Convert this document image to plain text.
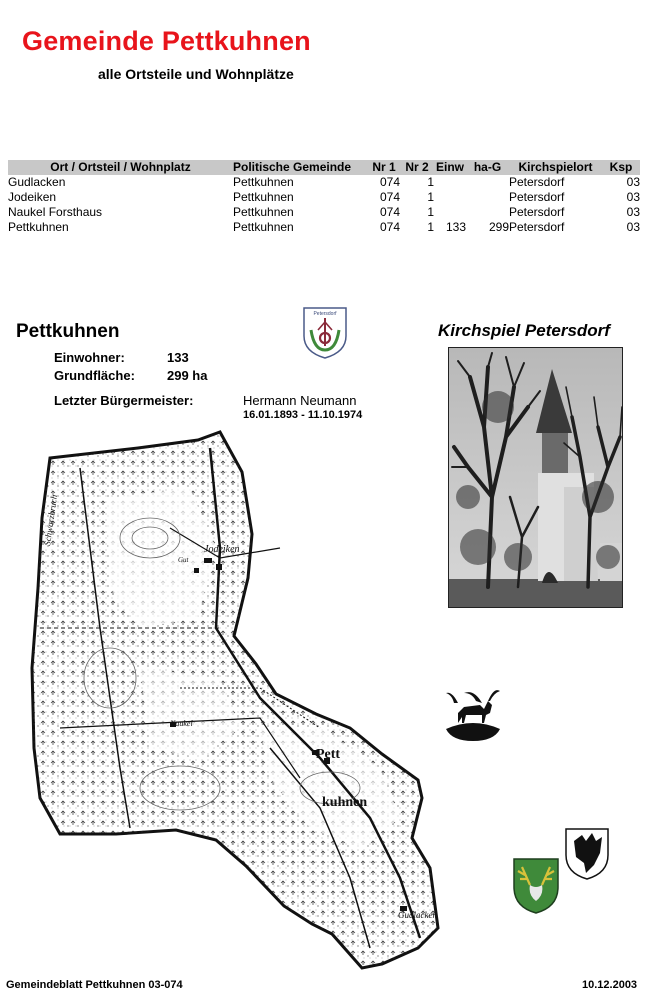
Gemeinde Pettkuhnen
alle Ortsteile und Wohnplätze
Ort / Ortsteil / Wohnplatz	Politische Gemeinde	Nr 1	Nr 2	Einw	ha-G	Kirchspielort	Ksp
Gudlacken	Pettkuhnen	074	1			Petersdorf	03
Jodeiken	Pettkuhnen	074	1			Petersdorf	03
Naukel Forsthaus	Pettkuhnen	074	1			Petersdorf	03
Pettkuhnen	Pettkuhnen	074	1	133	299	Petersdorf	03
Pettkuhnen
Einwohner:	133
Grundfläche: 299 ha
Letzter Bürgermeister:	Hermann Neumann
16.01.1893 - 11.10.1974
Petersdorf
Kirchspiel Petersdorf
Jodeiken
Gut
Naukel
Pett
kuhnen
Gudlacken
Schwarzbruch
Gemeindeblatt Pettkuhnen 03-074	10.12.2003
